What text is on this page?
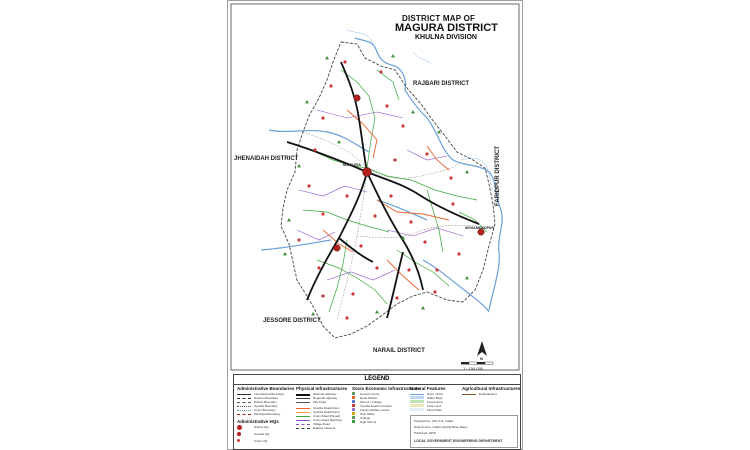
DISTRICT MAP OF
MAGURA DISTRICT
KHULNA DIVISION
RAJBARI DISTRICT
JHENAIDAH DISTRICT	FARIDPUR DISTRICT
JESSORE DISTRICT
NARAIL DISTRICT
MAGURA
MOHAMMADPUR
N
1 : 150,000
LEGEND
Administrative Boundaries
International Boundary
Division Boundary
District Boundary
Upazila Boundary
Union Boundary
Municipal Boundary
Administrative HQs
District HQ
Upazila HQ
Union HQ
Physical Infrastructures
National Highway
Regional Highway
Zila Road
Upazila Road/Union
Upazila Road/Union
Union Road (Paved)
Union Road (Earthen)
Village Road
Railway Network
Socio Economic Infrastructures
Growth Centre
Rural Market
School / College
Upazila Health Complex
Family Welfare Centre
Post Office
College
High School
Natural Features
River / Khal
Water Body
Forest Area
Char Land
Flood Plain
Agricultural Infrastructures
Embankment
Prepared by: GIS Unit, LGED
Data Source: LGED Upazila Base Maps
Published: 2009
LOCAL GOVERNMENT ENGINEERING DEPARTMENT
